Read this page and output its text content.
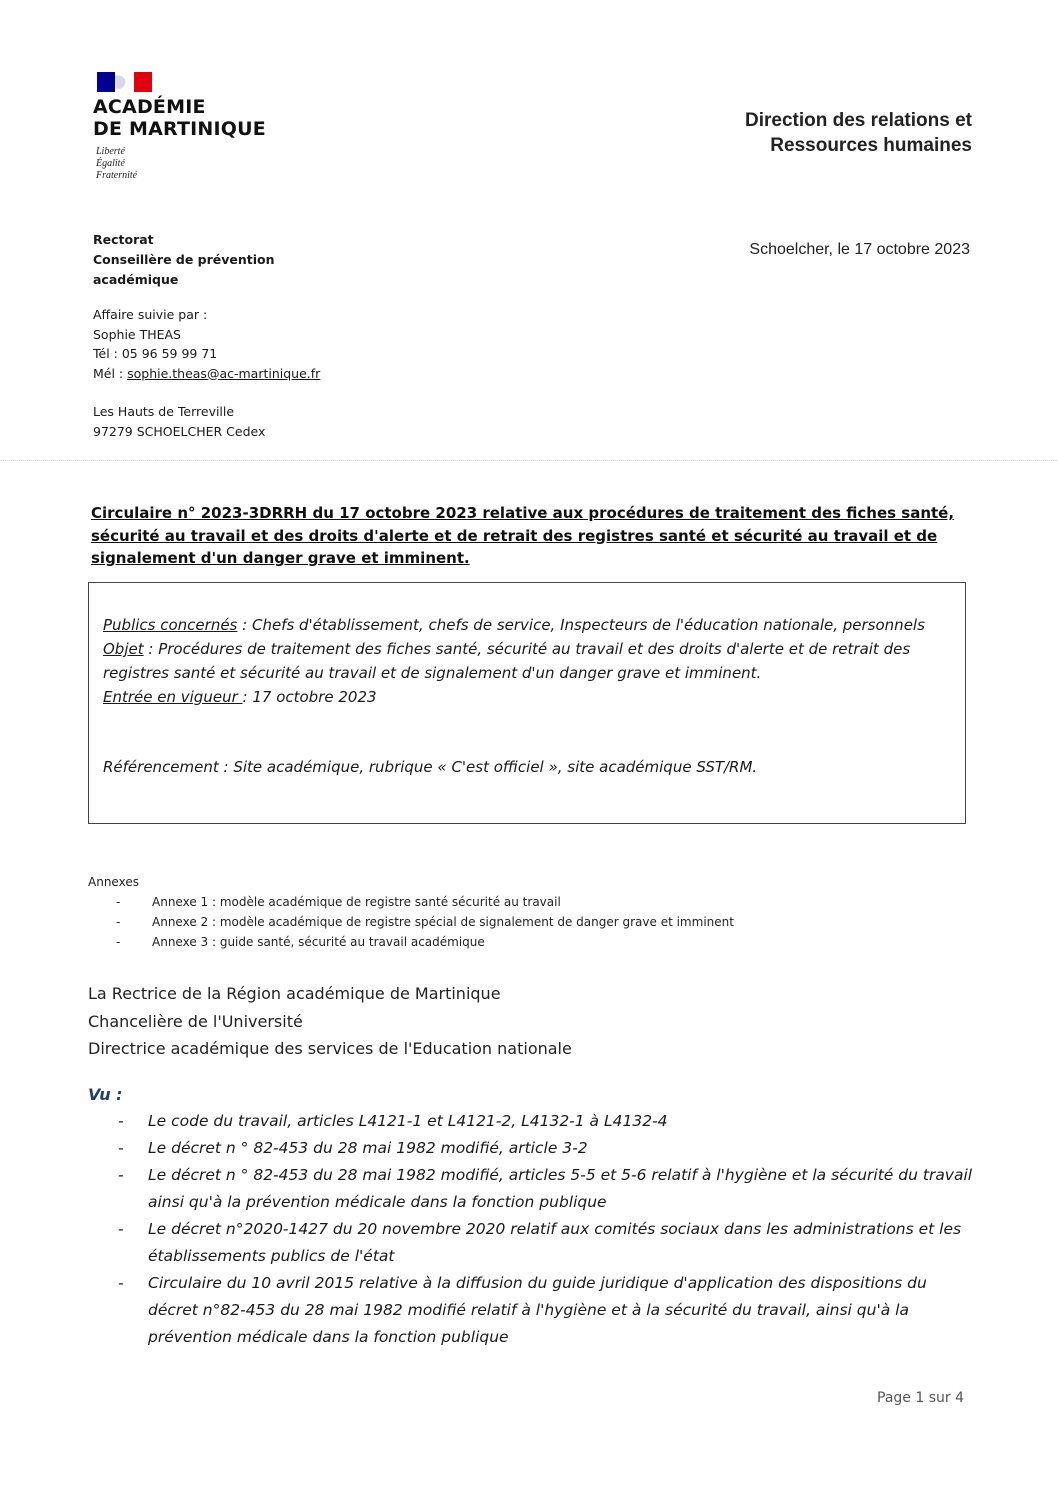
ACADÉMIE
DE MARTINIQUE
Liberté
Égalité
Fraternité
Direction des relations et
Ressources humaines
Rectorat
Conseillère de prévention
académique
Schoelcher, le 17 octobre 2023
Affaire suivie par :
Sophie THEAS
Tél : 05 96 59 99 71
Mél : sophie.theas@ac-martinique.fr
Les Hauts de Terreville
97279 SCHOELCHER Cedex
Circulaire n° 2023-3DRRH du 17 octobre 2023 relative aux procédures de traitement des fiches santé, sécurité au travail et des droits d'alerte et de retrait des registres santé et sécurité au travail et de signalement d'un danger grave et imminent.
Publics concernés : Chefs d'établissement, chefs de service, Inspecteurs de l'éducation nationale, personnels
Objet : Procédures de traitement des fiches santé, sécurité au travail et des droits d'alerte et de retrait des registres santé et sécurité au travail et de signalement d'un danger grave et imminent.
Entrée en vigueur : 17 octobre 2023
Référencement : Site académique, rubrique « C'est officiel », site académique SST/RM.
Annexes
- Annexe 1 : modèle académique de registre santé sécurité au travail
- Annexe 2 : modèle académique de registre spécial de signalement de danger grave et imminent
- Annexe 3 : guide santé, sécurité au travail académique
La Rectrice de la Région académique de Martinique
Chancelière de l'Université
Directrice académique des services de l'Education nationale
Vu :
- Le code du travail, articles L4121-1 et L4121-2, L4132-1 à L4132-4
- Le décret n ° 82-453 du 28 mai 1982 modifié, article 3-2
- Le décret n ° 82-453 du 28 mai 1982 modifié, articles 5-5 et 5-6 relatif à l'hygiène et la sécurité du travail ainsi qu'à la prévention médicale dans la fonction publique
- Le décret n°2020-1427 du 20 novembre 2020 relatif aux comités sociaux dans les administrations et les établissements publics de l'état
- Circulaire du 10 avril 2015 relative à la diffusion du guide juridique d'application des dispositions du décret n°82-453 du 28 mai 1982 modifié relatif à l'hygiène et à la sécurité du travail, ainsi qu'à la prévention médicale dans la fonction publique
Page 1 sur 4
